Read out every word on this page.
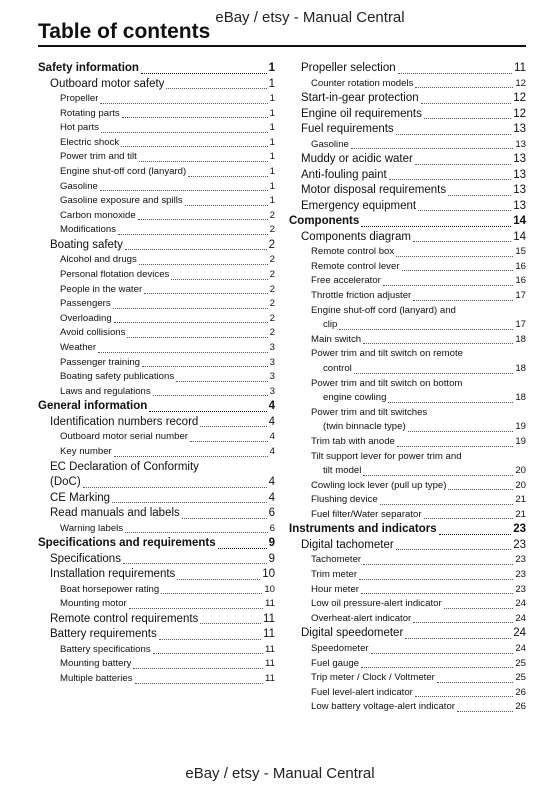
eBay / etsy - Manual Central
Table of contents
Safety information	1
Outboard motor safety	1
Propeller	1
Rotating parts	1
Hot parts	1
Electric shock	1
Power trim and tilt	1
Engine shut-off cord (lanyard)	1
Gasoline	1
Gasoline exposure and spills	1
Carbon monoxide	2
Modifications	2
Boating safety	2
Alcohol and drugs	2
Personal flotation devices	2
People in the water	2
Passengers	2
Overloading	2
Avoid collisions	2
Weather	3
Passenger training	3
Boating safety publications	3
Laws and regulations	3
General information	4
Identification numbers record	4
Outboard motor serial number	4
Key number	4
EC Declaration of Conformity
(DoC)	4
CE Marking	4
Read manuals and labels	6
Warning labels	6
Specifications and requirements	9
Specifications	9
Installation requirements	10
Boat horsepower rating	10
Mounting motor	11
Remote control requirements	11
Battery requirements	11
Battery specifications	11
Mounting battery	11
Multiple batteries	11
Propeller selection	11
Counter rotation models	12
Start-in-gear protection	12
Engine oil requirements	12
Fuel requirements	13
Gasoline	13
Muddy or acidic water	13
Anti-fouling paint	13
Motor disposal requirements	13
Emergency equipment	13
Components	14
Components diagram	14
Remote control box	15
Remote control lever	16
Free accelerator	16
Throttle friction adjuster	17
Engine shut-off cord (lanyard) and
clip	17
Main switch	18
Power trim and tilt switch on remote
control	18
Power trim and tilt switch on bottom
engine cowling	18
Power trim and tilt switches
(twin binnacle type)	19
Trim tab with anode	19
Tilt support lever for power trim and
tilt model	20
Cowling lock lever (pull up type)	20
Flushing device	21
Fuel filter/Water separator	21
Instruments and indicators	23
Digital tachometer	23
Tachometer	23
Trim meter	23
Hour meter	23
Low oil pressure-alert indicator	24
Overheat-alert indicator	24
Digital speedometer	24
Speedometer	24
Fuel gauge	25
Trip meter / Clock / Voltmeter	25
Fuel level-alert indicator	26
Low battery voltage-alert indicator	26
eBay / etsy - Manual Central
